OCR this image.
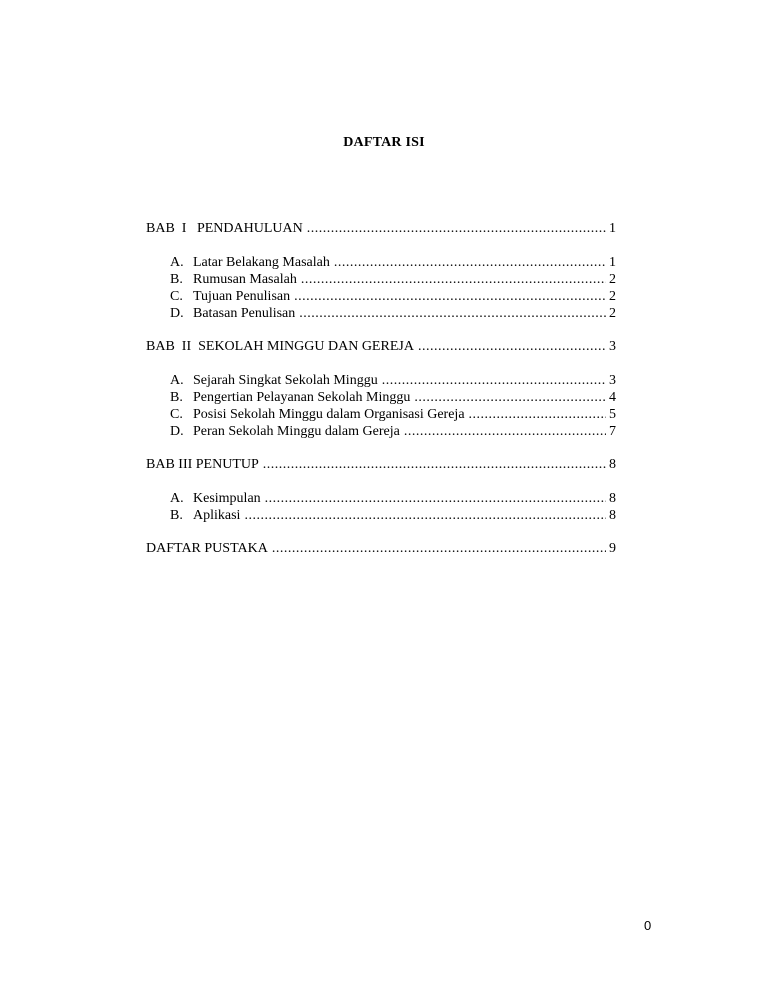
DAFTAR ISI
BAB  I   PENDAHULUAN .....	1
A. Latar Belakang Masalah .....	1
B. Rumusan Masalah .....	2
C. Tujuan Penulisan .....	2
D. Batasan Penulisan .....	2
BAB  II  SEKOLAH MINGGU DAN GEREJA .....	3
A. Sejarah Singkat Sekolah Minggu .....	3
B. Pengertian Pelayanan Sekolah Minggu .....	4
C. Posisi Sekolah Minggu dalam Organisasi Gereja .....	5
D. Peran Sekolah Minggu dalam Gereja .....	7
BAB III PENUTUP .....	8
A. Kesimpulan .....	8
B. Aplikasi .....	8
DAFTAR PUSTAKA .....	9
0
